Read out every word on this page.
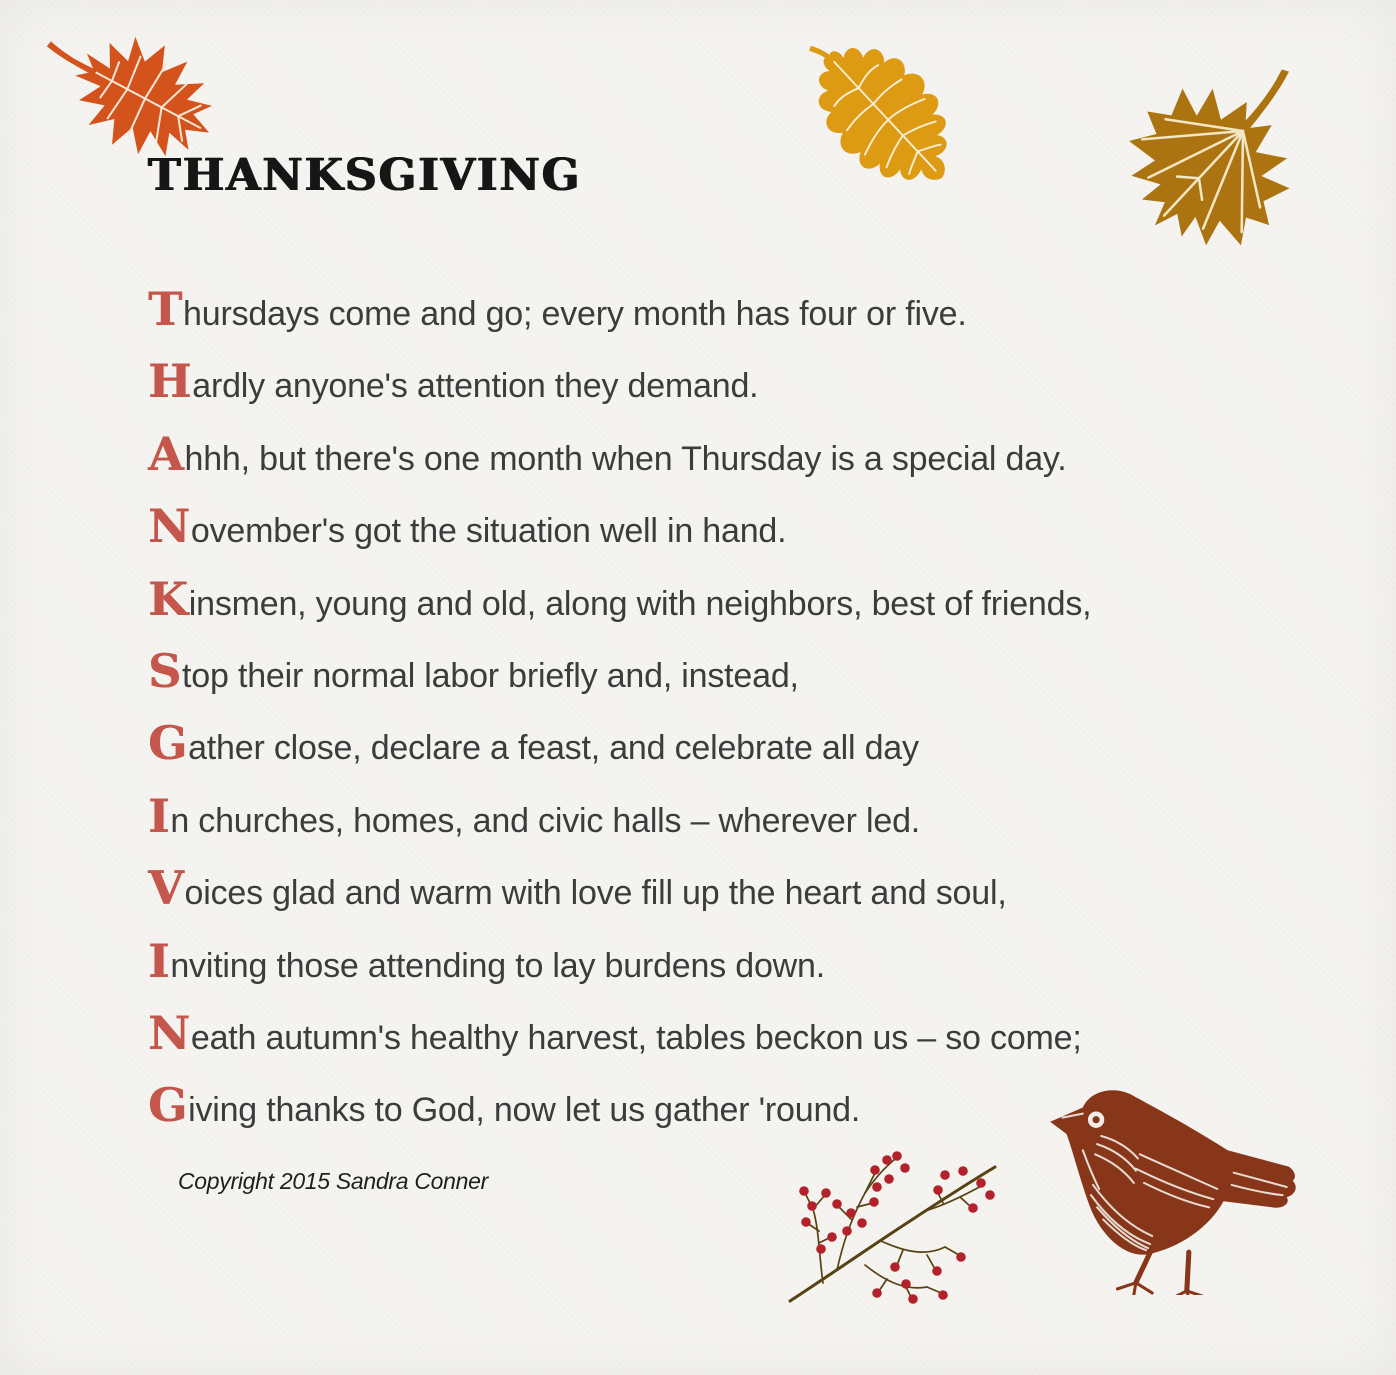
THANKSGIVING

Thursdays come and go; every month has four or five.

Hardly anyone's attention they demand.

Ahhh, but there's one month when Thursday is a special day.

November's got the situation well in hand.

Kinsmen, young and old, along with neighbors, best of friends,

Stop their normal labor briefly and, instead,

Gather close, declare a feast, and celebrate all day

In churches, homes, and civic halls – wherever led.

Voices glad and warm with love fill up the heart and soul,

Inviting those attending to lay burdens down.

Neath autumn's healthy harvest, tables beckon us – so come;

Giving thanks to God, now let us gather 'round.

Copyright 2015 Sandra Conner
